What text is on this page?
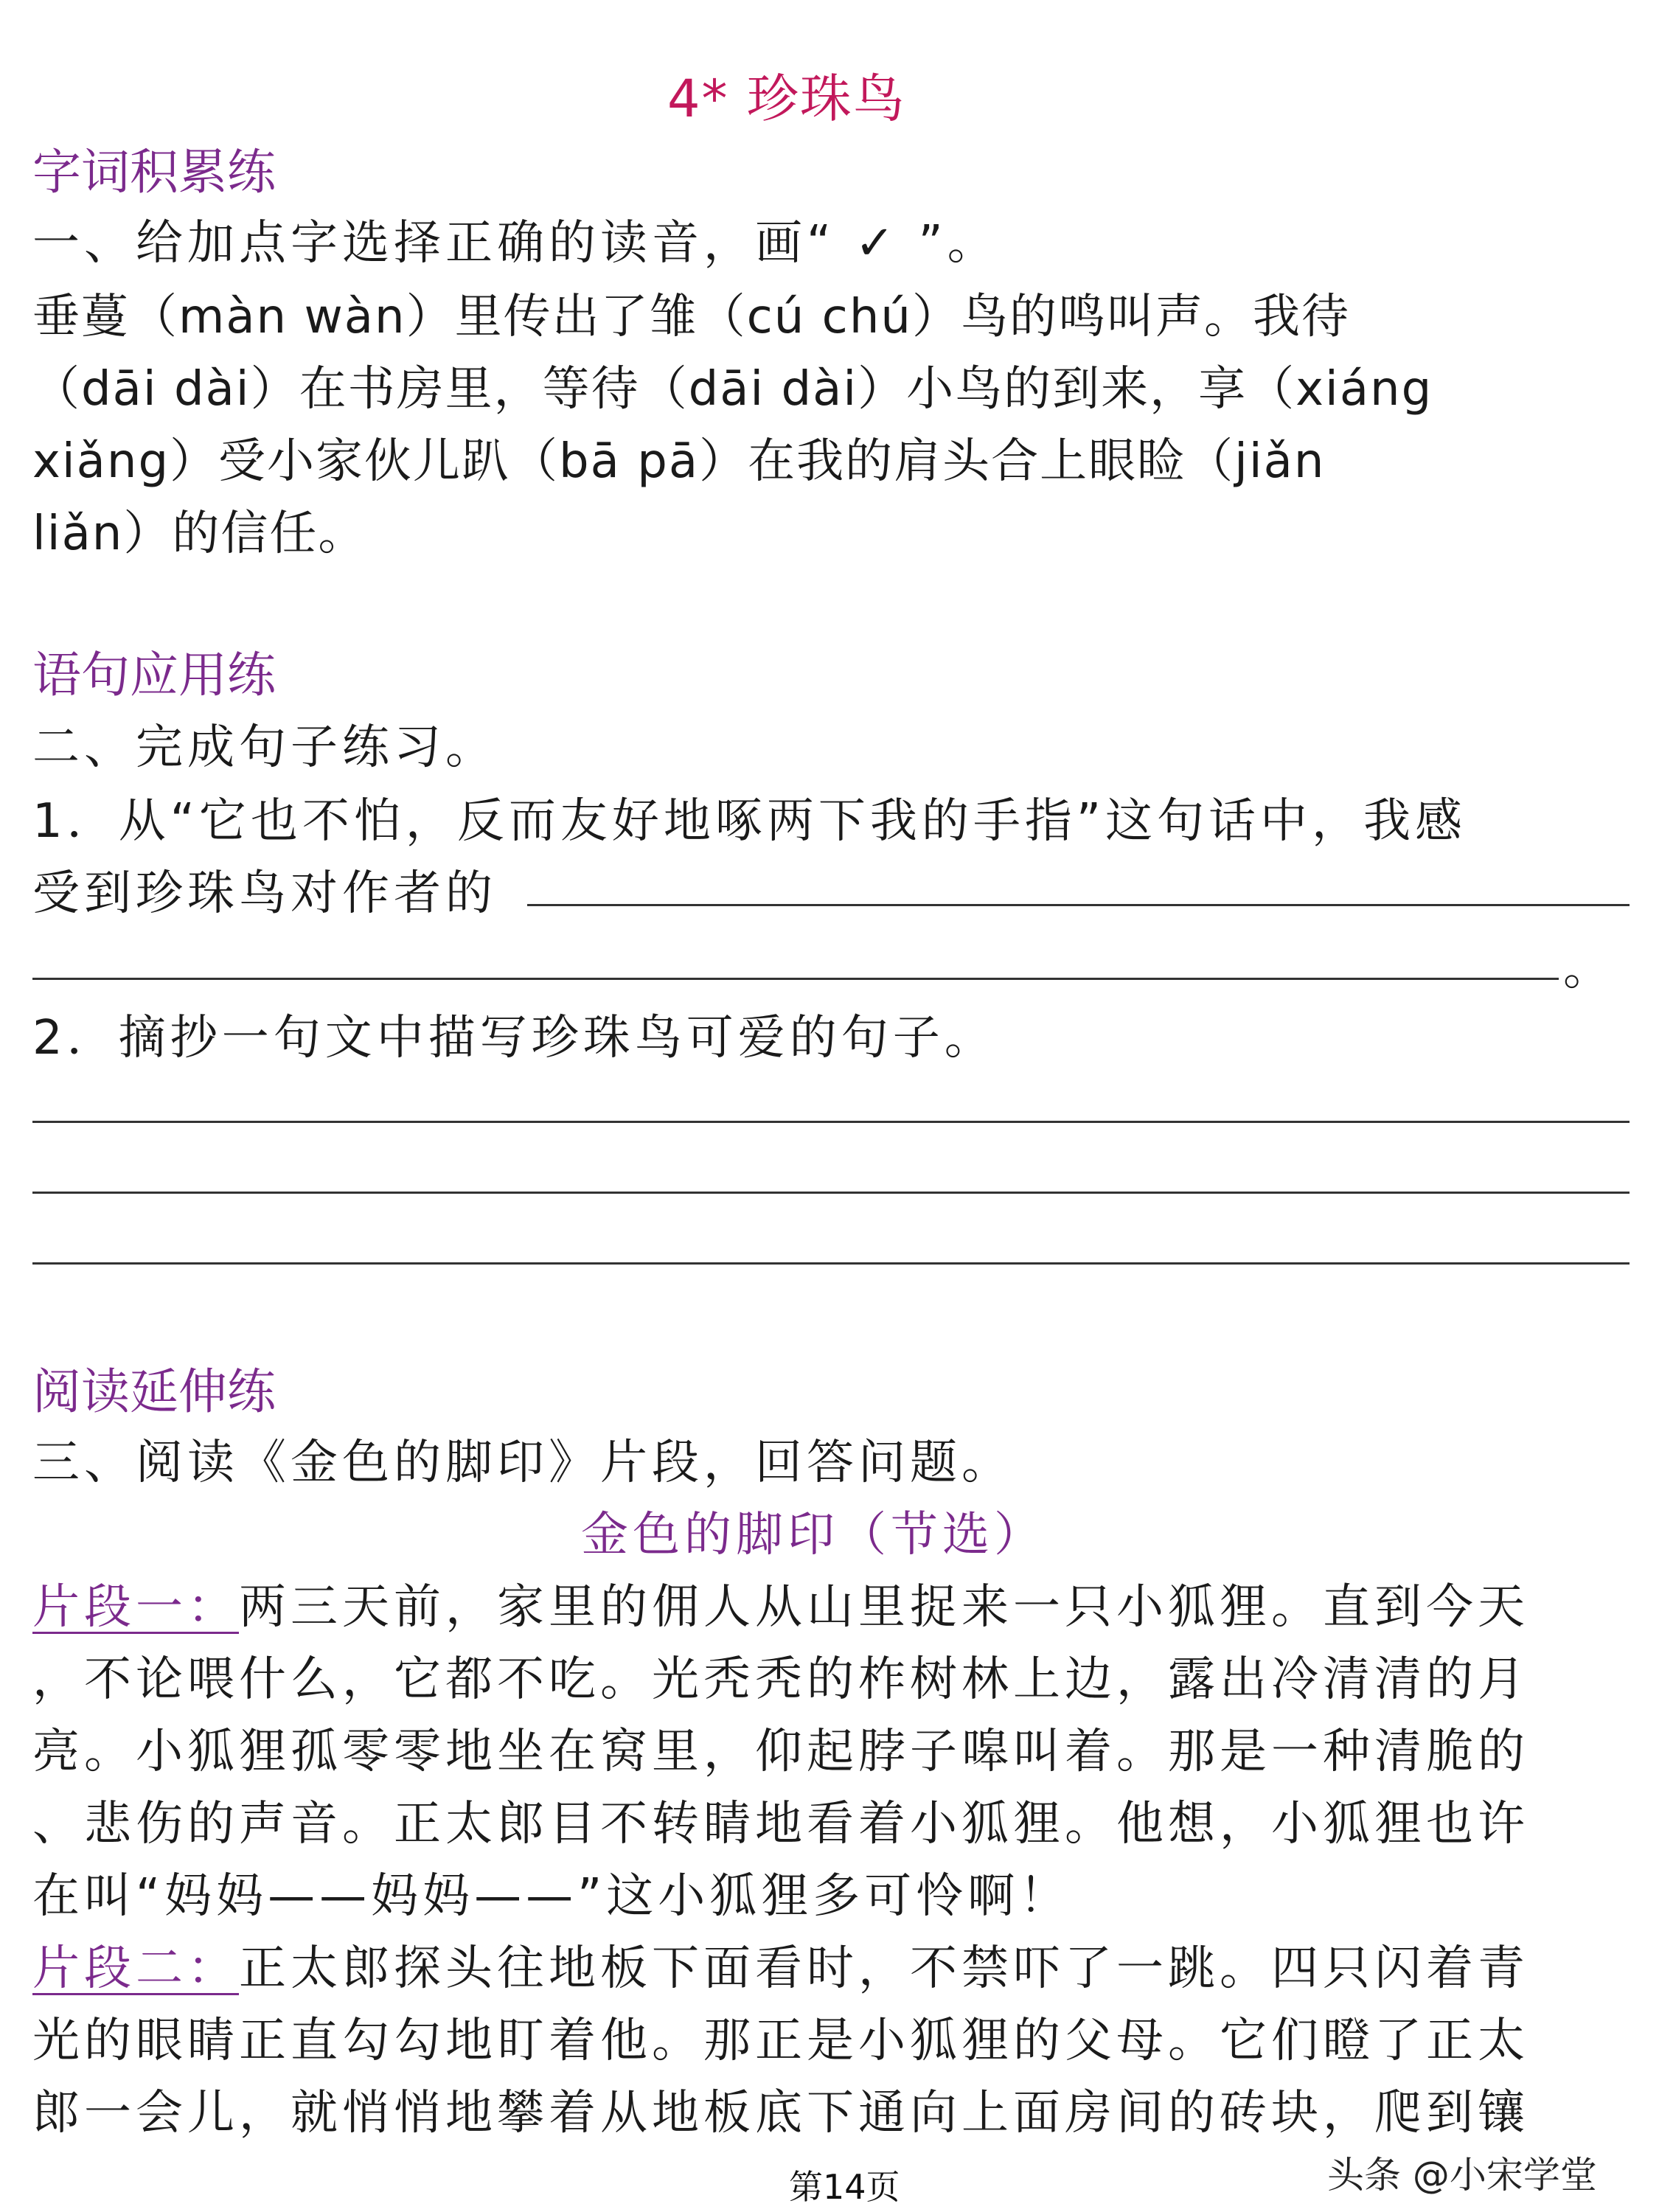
4* 珍珠鸟
字词积累练
一、给加点字选择正确的读音，画“ ✓ ”。
垂蔓（màn wàn）里传出了雏（cú chú）鸟的鸣叫声。我待
（dāi dài）在书房里，等待（dāi dài）小鸟的到来，享（xiáng
xiǎng）受小家伙儿趴（bā pā）在我的肩头合上眼睑（jiǎn
liǎn）的信任。
语句应用练
二、完成句子练习。
1．从“它也不怕，反而友好地啄两下我的手指”这句话中，我感
受到珍珠鸟对作者的
。
2．摘抄一句文中描写珍珠鸟可爱的句子。
阅读延伸练
三、阅读《金色的脚印》片段，回答问题。
金色的脚印（节选）
片段一：两三天前，家里的佣人从山里捉来一只小狐狸。直到今天
，不论喂什么，它都不吃。光秃秃的柞树林上边，露出冷清清的月
亮。小狐狸孤零零地坐在窝里，仰起脖子嗥叫着。那是一种清脆的
、悲伤的声音。正太郎目不转睛地看着小狐狸。他想，小狐狸也许
在叫“妈妈——妈妈——”这小狐狸多可怜啊！
片段二：正太郎探头往地板下面看时，不禁吓了一跳。四只闪着青
光的眼睛正直勾勾地盯着他。那正是小狐狸的父母。它们瞪了正太
郎一会儿，就悄悄地攀着从地板底下通向上面房间的砖块，爬到镶
第14页	头条 @小宋学堂
